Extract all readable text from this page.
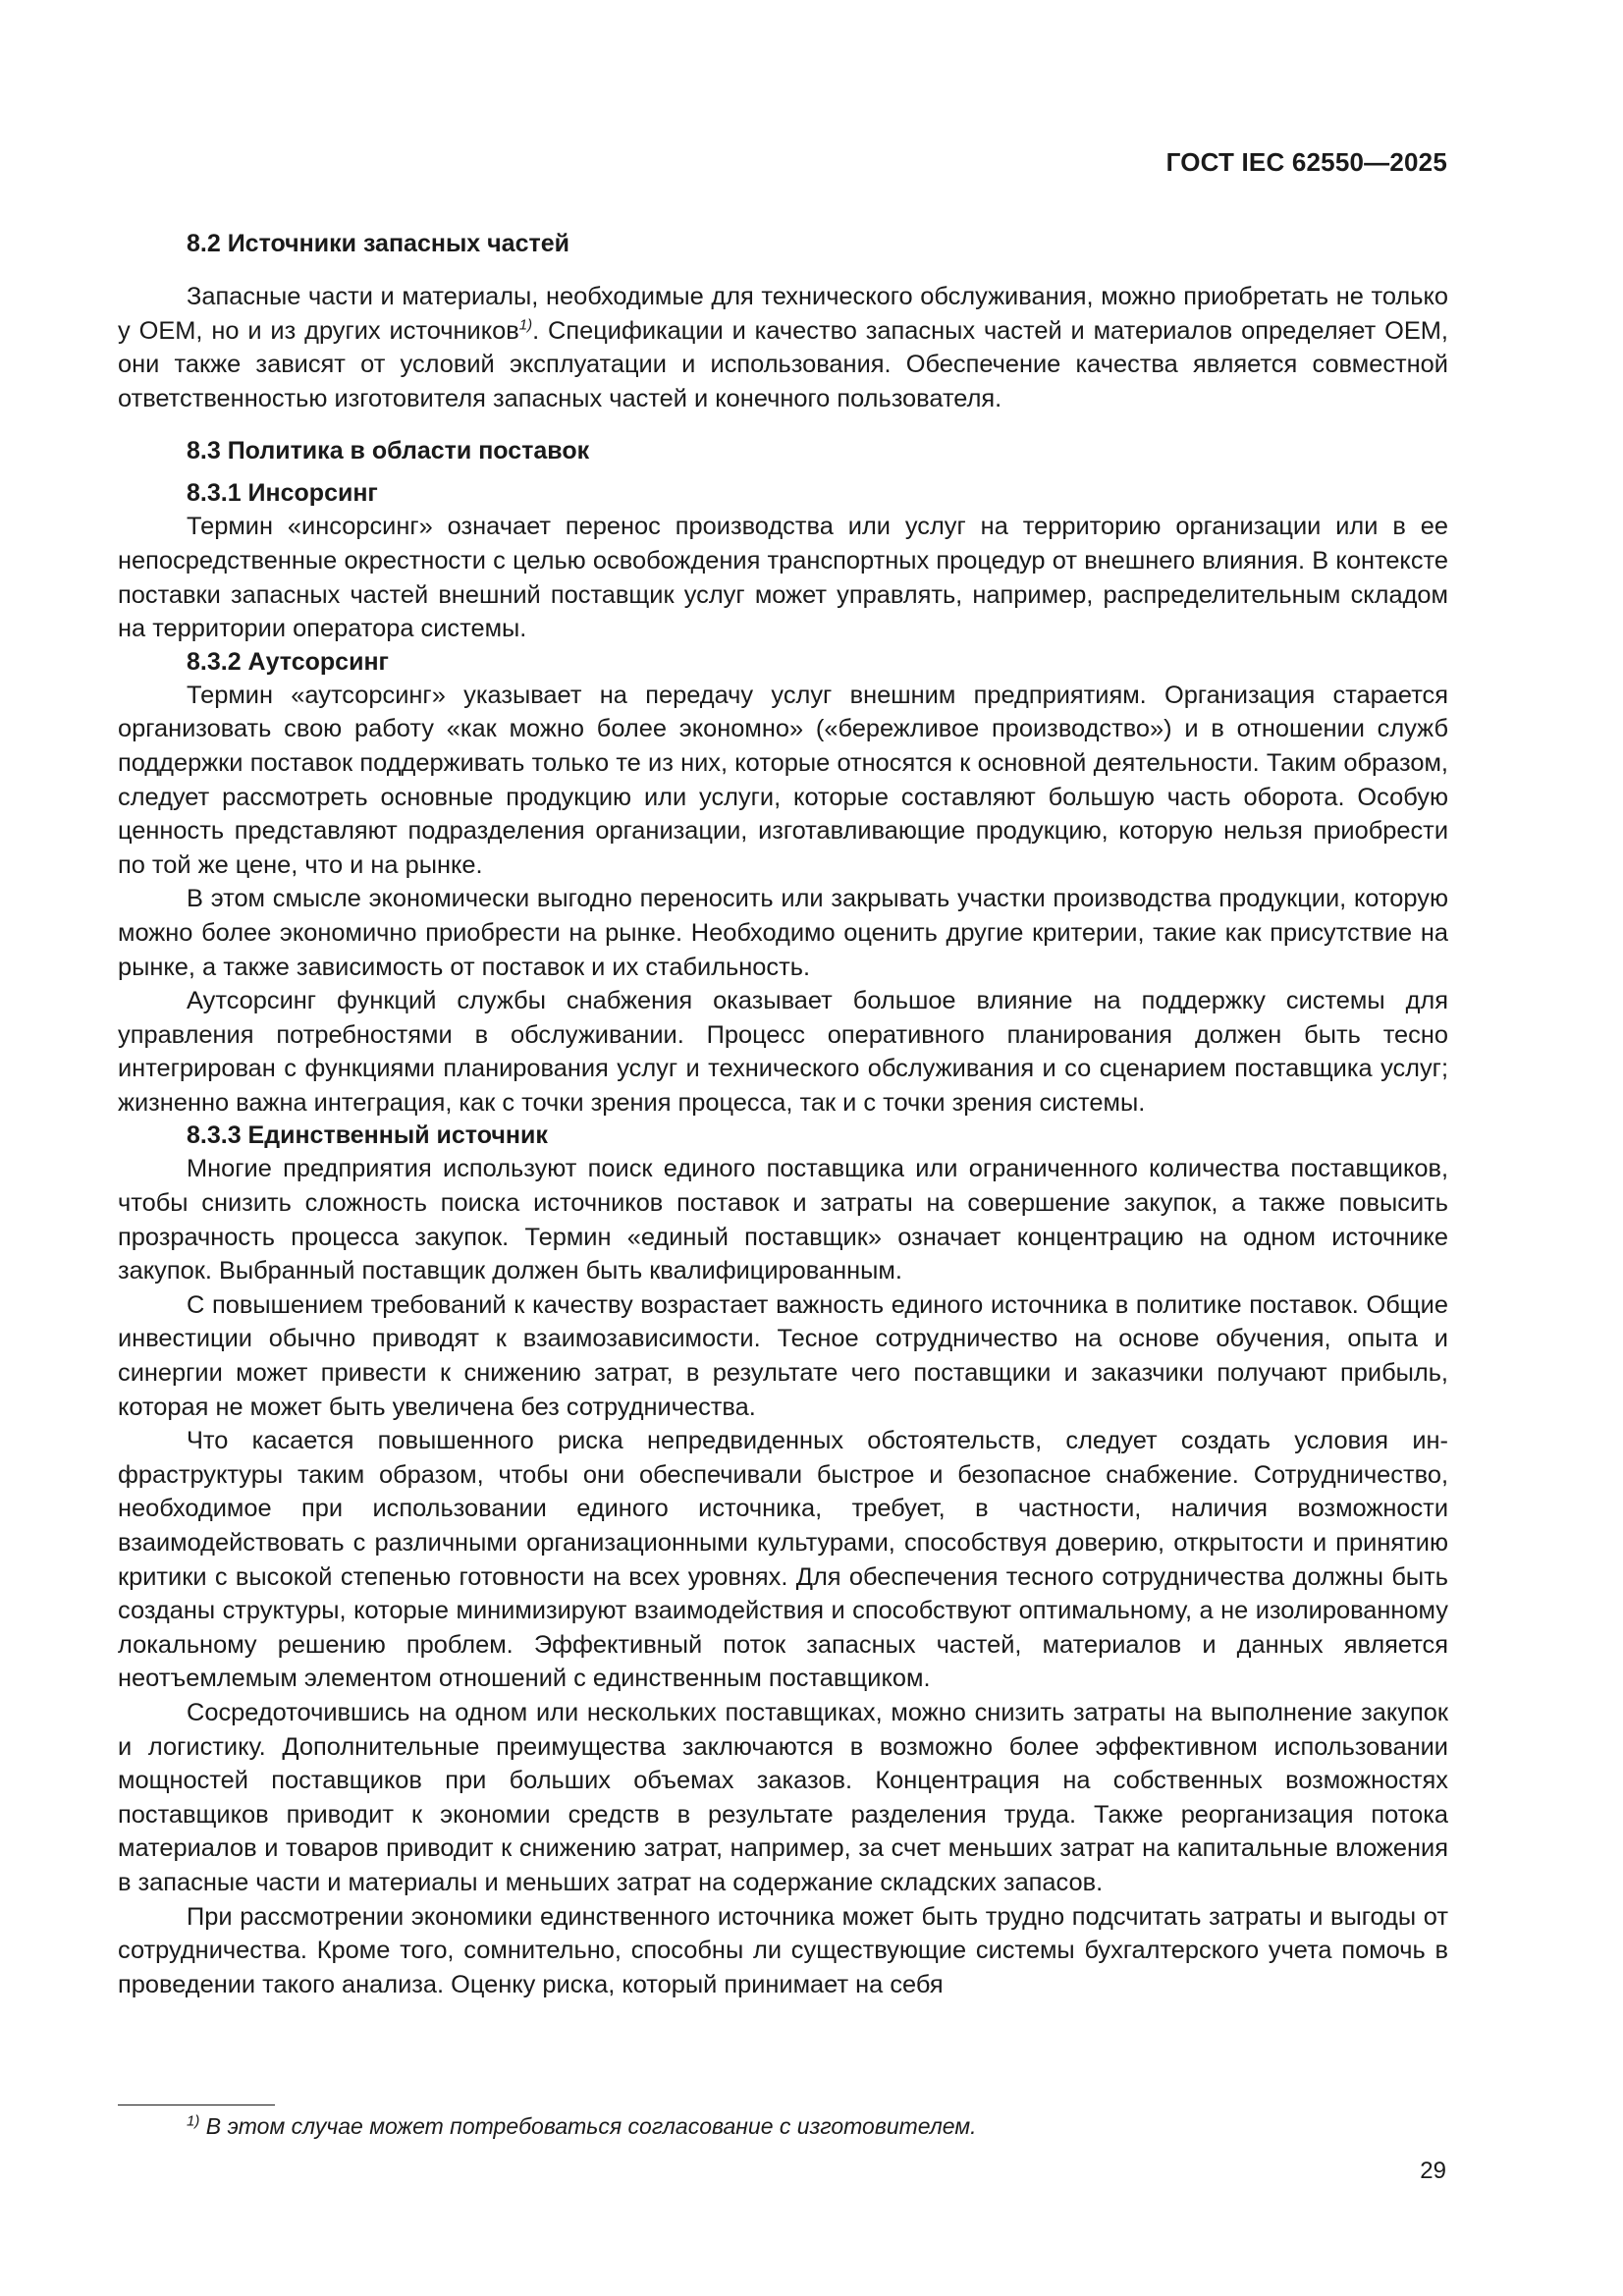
ГОСТ IEC 62550—2025
8.2 Источники запасных частей

Запасные части и материалы, необходимые для технического обслуживания, можно приобретать не только у OEM, но и из других источников$^{1)}$. Спецификации и качество запасных частей и материалов определяет OEM, они также зависят от условий эксплуатации и использования. Обеспечение качества является совместной ответственностью изготовителя запасных частей и конечного пользователя.

8.3 Политика в области поставок
8.3.1 Инсорсинг

Термин «инсорсинг» означает перенос производства или услуг на территорию организации или в ее непосредственные окрестности с целью освобождения транспортных процедур от внешнего влияния. В контексте поставки запасных частей внешний поставщик услуг может управлять, например, распределительным складом на территории оператора системы.

8.3.2 Аутсорсинг

Термин «аутсорсинг» указывает на передачу услуг внешним предприятиям. Организация старается организовать свою работу «как можно более экономно» («бережливое производство») и в отношении служб поддержки поставок поддерживать только те из них, которые относятся к основной деятельности. Таким образом, следует рассмотреть основные продукцию или услуги, которые составляют большую часть оборота. Особую ценность представляют подразделения организации, изготавливающие продукцию, которую нельзя приобрести по той же цене, что и на рынке.

В этом смысле экономически выгодно переносить или закрывать участки производства продукции, которую можно более экономично приобрести на рынке. Необходимо оценить другие критерии, такие как присутствие на рынке, а также зависимость от поставок и их стабильность.

Аутсорсинг функций службы снабжения оказывает большое влияние на поддержку системы для управления потребностями в обслуживании. Процесс оперативного планирования должен быть тесно интегрирован с функциями планирования услуг и технического обслуживания и со сценарием поставщика услуг; жизненно важна интеграция, как с точки зрения процесса, так и с точки зрения системы.

8.3.3 Единственный источник

Многие предприятия используют поиск единого поставщика или ограниченного количества поставщиков, чтобы снизить сложность поиска источников поставок и затраты на совершение закупок, а также повысить прозрачность процесса закупок. Термин «единый поставщик» означает концентрацию на одном источнике закупок. Выбранный поставщик должен быть квалифицированным.

С повышением требований к качеству возрастает важность единого источника в политике поставок. Общие инвестиции обычно приводят к взаимозависимости. Тесное сотрудничество на основе обучения, опыта и синергии может привести к снижению затрат, в результате чего поставщики и заказчики получают прибыль, которая не может быть увеличена без сотрудничества.

Что касается повышенного риска непредвиденных обстоятельств, следует создать условия инфраструктуры таким образом, чтобы они обеспечивали быстрое и безопасное снабжение. Сотрудничество, необходимое при использовании единого источника, требует, в частности, наличия возможности взаимодействовать с различными организационными культурами, способствуя доверию, открытости и принятию критики с высокой степенью готовности на всех уровнях. Для обеспечения тесного сотрудничества должны быть созданы структуры, которые минимизируют взаимодействия и способствуют оптимальному, а не изолированному локальному решению проблем. Эффективный поток запасных частей, материалов и данных является неотъемлемым элементом отношений с единственным поставщиком.

Сосредоточившись на одном или нескольких поставщиках, можно снизить затраты на выполнение закупок и логистику. Дополнительные преимущества заключаются в возможно более эффективном использовании мощностей поставщиков при больших объемах заказов. Концентрация на собственных возможностях поставщиков приводит к экономии средств в результате разделения труда. Также реорганизация потока материалов и товаров приводит к снижению затрат, например, за счет меньших затрат на капитальные вложения в запасные части и материалы и меньших затрат на содержание складских запасов.

При рассмотрении экономики единственного источника может быть трудно подсчитать затраты и выгоды от сотрудничества. Кроме того, сомнительно, способны ли существующие системы бухгалтерского учета помочь в проведении такого анализа. Оценку риска, который принимает на себя

$^{1)}$ В этом случае может потребоваться согласование с изготовителем.
29
